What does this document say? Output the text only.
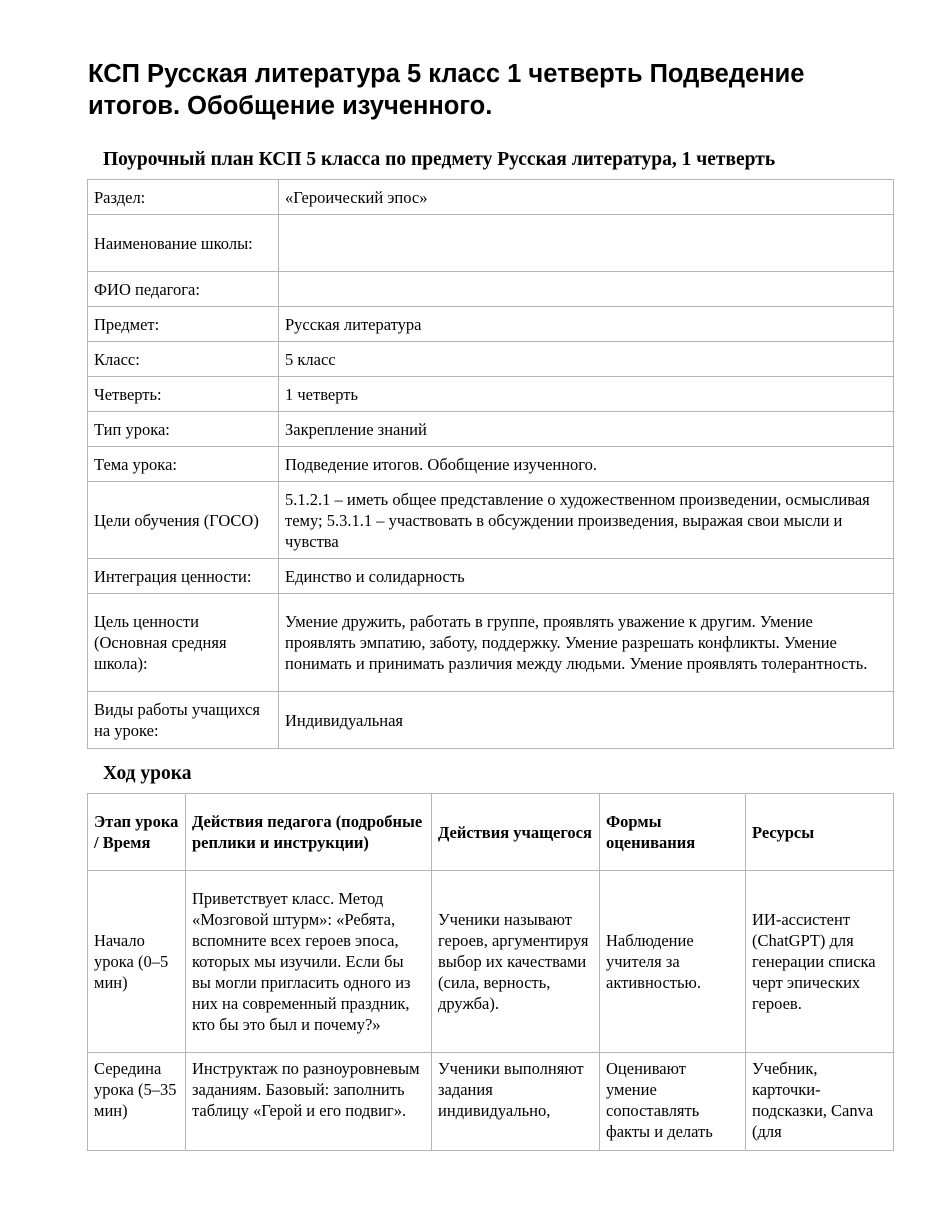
КСП Русская литература 5 класс 1 четверть Подведение итогов. Обобщение изученного.
Поурочный план КСП 5 класса по предмету Русская литература, 1 четверть
Раздел:	«Героический эпос»
Наименование школы:	
ФИО педагога:	
Предмет:	Русская литература
Класс:	5 класс
Четверть:	1 четверть
Тип урока:	Закрепление знаний
Тема урока:	Подведение итогов. Обобщение изученного.
Цели обучения (ГОСО)	5.1.2.1 – иметь общее представление о художественном произведении, осмысливая тему; 5.3.1.1 – участвовать в обсуждении произведения, выражая свои мысли и чувства
Интеграция ценности:	Единство и солидарность
Цель ценности (Основная средняя школа):	Умение дружить, работать в группе, проявлять уважение к другим. Умение проявлять эмпатию, заботу, поддержку. Умение разрешать конфликты. Умение понимать и принимать различия между людьми. Умение проявлять толерантность.
Виды работы учащихся на уроке:	Индивидуальная
Ход урока
Этап урока / Время	Действия педагога (подробные реплики и инструкции)	Действия учащегося	Формы оценивания	Ресурсы
Начало урока (0–5 мин)	Приветствует класс. Метод «Мозговой штурм»: «Ребята, вспомните всех героев эпоса, которых мы изучили. Если бы вы могли пригласить одного из них на современный праздник, кто бы это был и почему?»	Ученики называют героев, аргументируя выбор их качествами (сила, верность, дружба).	Наблюдение учителя за активностью.	ИИ-ассистент (ChatGPT) для генерации списка черт эпических героев.
Середина урока (5–35 мин)	Инструктаж по разноуровневым заданиям. Базовый: заполнить таблицу «Герой и его подвиг».	Ученики выполняют задания индивидуально,	Оценивают умение сопоставлять факты и делать	Учебник, карточки-подсказки, Canva (для
